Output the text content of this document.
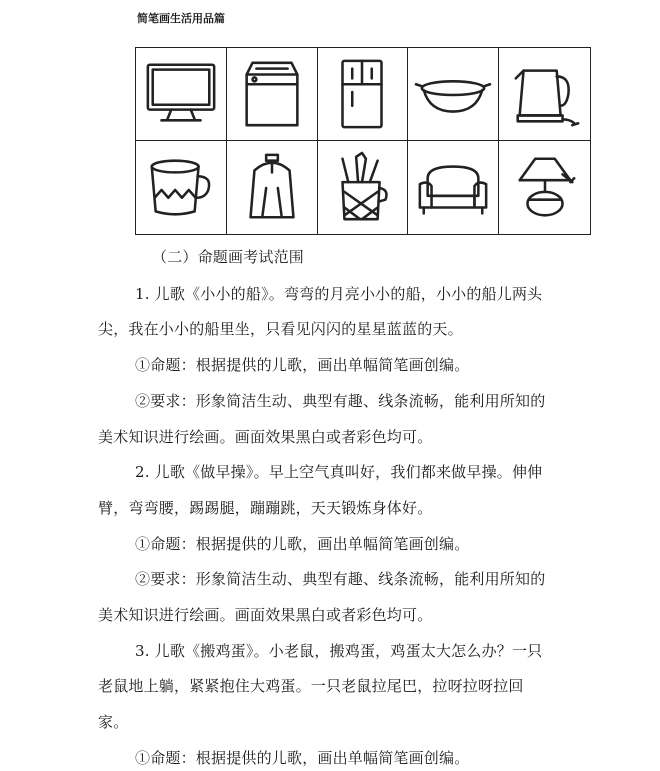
简笔画生活用品篇
（二）命题画考试范围
1. 儿歌《小小的船》。弯弯的月亮小小的船，小小的船儿两头
尖，我在小小的船里坐，只看见闪闪的星星蓝蓝的天。
①命题：根据提供的儿歌，画出单幅简笔画创编。
②要求：形象简洁生动、典型有趣、线条流畅，能利用所知的
美术知识进行绘画。画面效果黑白或者彩色均可。
2. 儿歌《做早操》。早上空气真叫好，我们都来做早操。伸伸
臂，弯弯腰，踢踢腿，蹦蹦跳，天天锻炼身体好。
①命题：根据提供的儿歌，画出单幅简笔画创编。
②要求：形象简洁生动、典型有趣、线条流畅，能利用所知的
美术知识进行绘画。画面效果黑白或者彩色均可。
3. 儿歌《搬鸡蛋》。小老鼠，搬鸡蛋，鸡蛋太大怎么办？一只
老鼠地上躺，紧紧抱住大鸡蛋。一只老鼠拉尾巴，拉呀拉呀拉回
家。
①命题：根据提供的儿歌，画出单幅简笔画创编。
